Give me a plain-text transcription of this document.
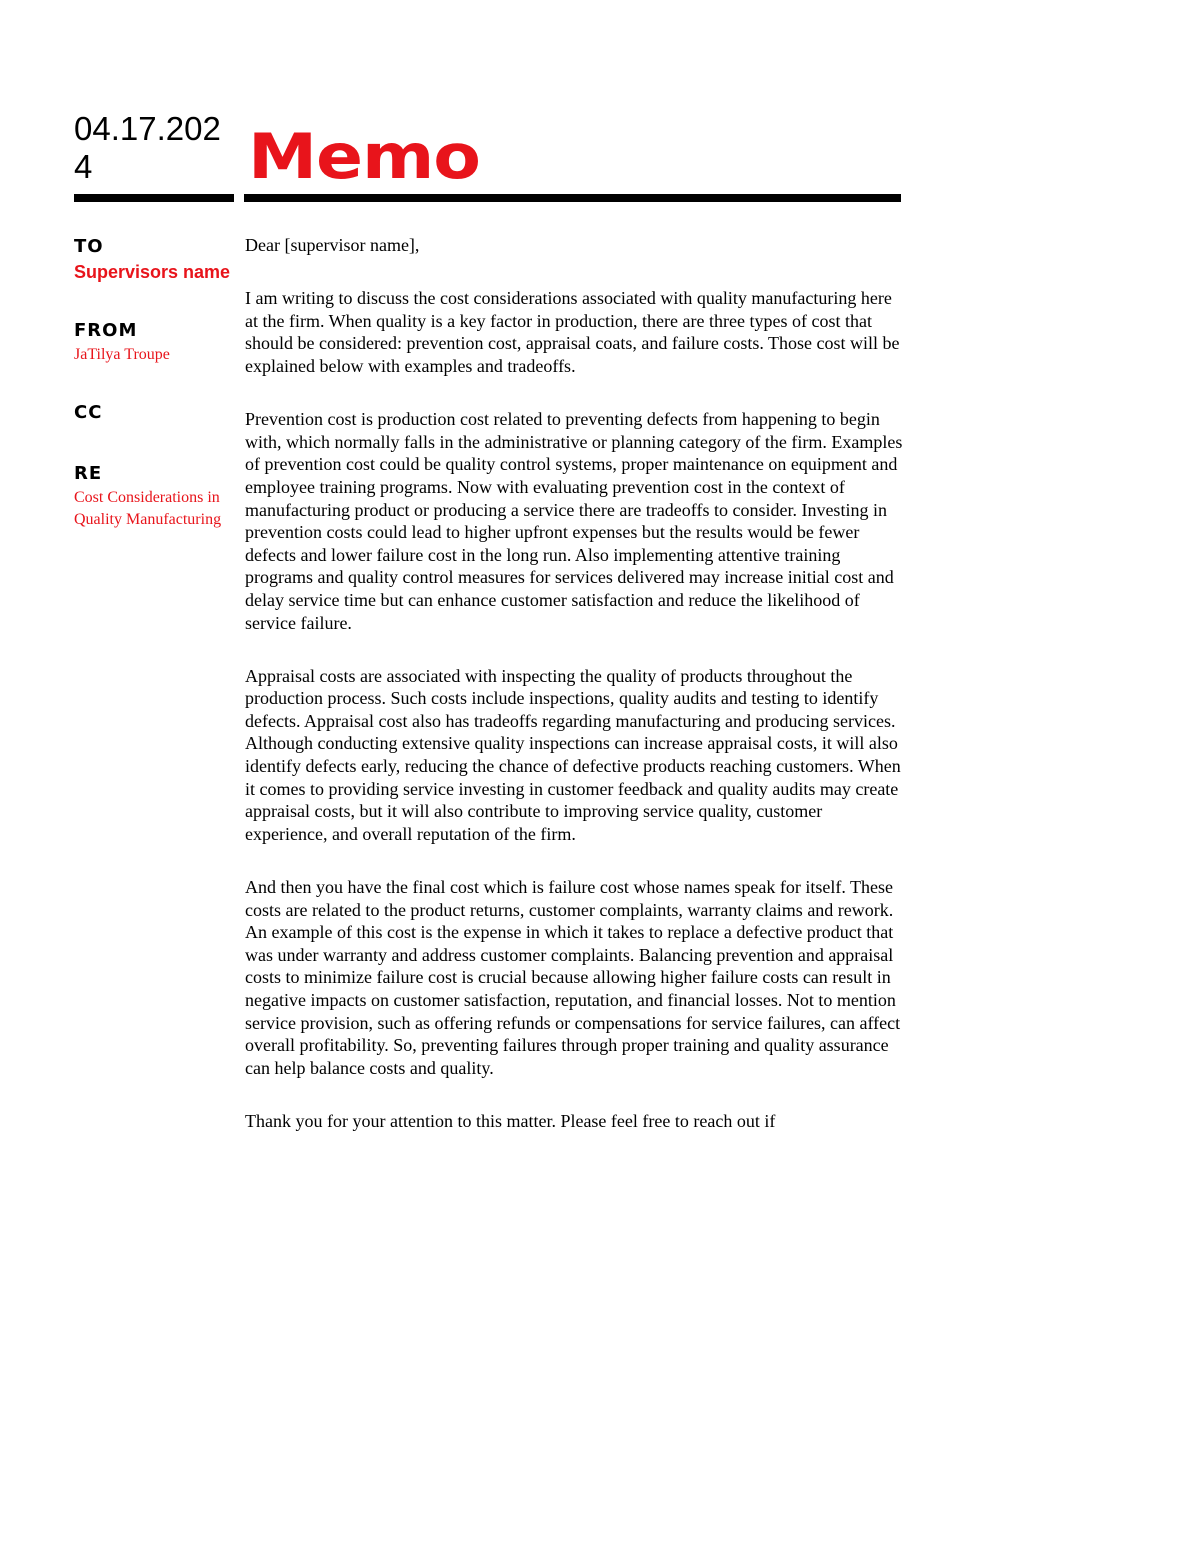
04.17.2024	Memo
TO
Supervisors name
FROM
JaTilya Troupe
CC
RE
Cost Considerations in Quality Manufacturing

Dear [supervisor name],

I am writing to discuss the cost considerations associated with quality manufacturing here at the firm. When quality is a key factor in production, there are three types of cost that should be considered: prevention cost, appraisal coats, and failure costs. Those cost will be explained below with examples and tradeoffs.

Prevention cost is production cost related to preventing defects from happening to begin with, which normally falls in the administrative or planning category of the firm. Examples of prevention cost could be quality control systems, proper maintenance on equipment and employee training programs. Now with evaluating prevention cost in the context of manufacturing product or producing a service there are tradeoffs to consider. Investing in prevention costs could lead to higher upfront expenses but the results would be fewer defects and lower failure cost in the long run. Also implementing attentive training programs and quality control measures for services delivered may increase initial cost and delay service time but can enhance customer satisfaction and reduce the likelihood of service failure.

Appraisal costs are associated with inspecting the quality of products throughout the production process. Such costs include inspections, quality audits and testing to identify defects. Appraisal cost also has tradeoffs regarding manufacturing and producing services. Although conducting extensive quality inspections can increase appraisal costs, it will also identify defects early, reducing the chance of defective products reaching customers. When it comes to providing service investing in customer feedback and quality audits may create appraisal costs, but it will also contribute to improving service quality, customer experience, and overall reputation of the firm.

And then you have the final cost which is failure cost whose names speak for itself. These costs are related to the product returns, customer complaints, warranty claims and rework. An example of this cost is the expense in which it takes to replace a defective product that was under warranty and address customer complaints. Balancing prevention and appraisal costs to minimize failure cost is crucial because allowing higher failure costs can result in negative impacts on customer satisfaction, reputation, and financial losses. Not to mention service provision, such as offering refunds or compensations for service failures, can affect overall profitability. So, preventing failures through proper training and quality assurance can help balance costs and quality.

Thank you for your attention to this matter. Please feel free to reach out if
